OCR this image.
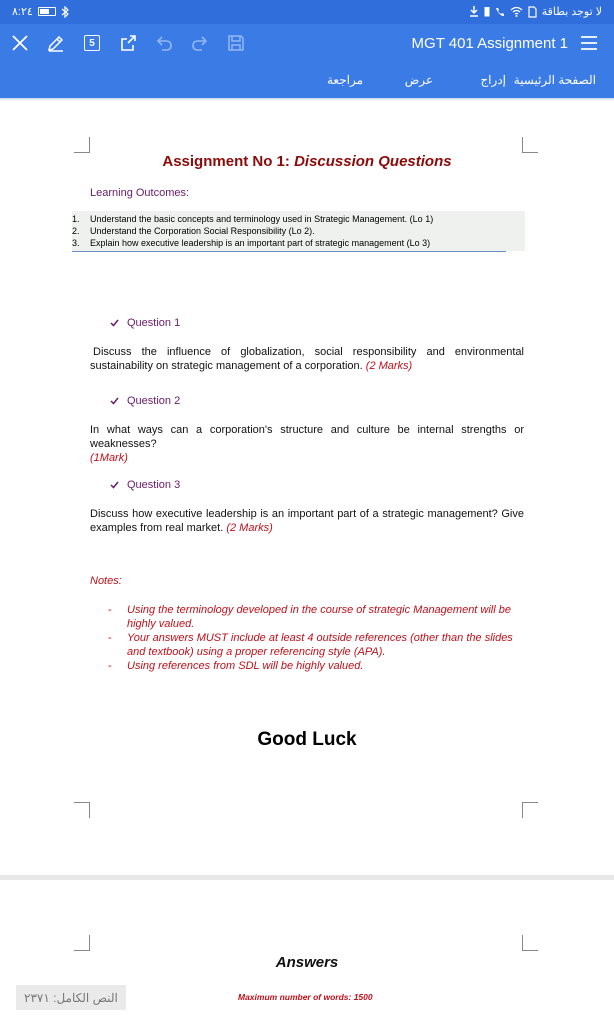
٨:٢٤	لا توجد بطاقة
5	MGT 401 Assignment 1
الصفحة الرئيسية
إدراج
عرض
مراجعة
Assignment No 1: Discussion Questions
Learning Outcomes:
1.	Understand the basic concepts and terminology used in Strategic Management. (Lo 1)
2.	Understand the Corporation Social Responsibility (Lo 2).
3.	Explain how executive leadership is an important part of strategic management (Lo 3)
Question 1
Discuss the influence of globalization, social responsibility and environmental sustainability on strategic management of a corporation. (2 Marks)
Question 2
In what ways can a corporation's structure and culture be internal strengths or weaknesses?
(1Mark)
Question 3
Discuss how executive leadership is an important part of a strategic management? Give examples from real market. (2 Marks)
Notes:
-	Using the terminology developed in the course of strategic Management will be highly valued.
-	Your answers MUST include at least 4 outside references (other than the slides and textbook) using a proper referencing style (APA).
-	Using references from SDL will be highly valued.
Good Luck
Answers
Maximum number of words: 1500
النص الكامل: ٢٣٧١
